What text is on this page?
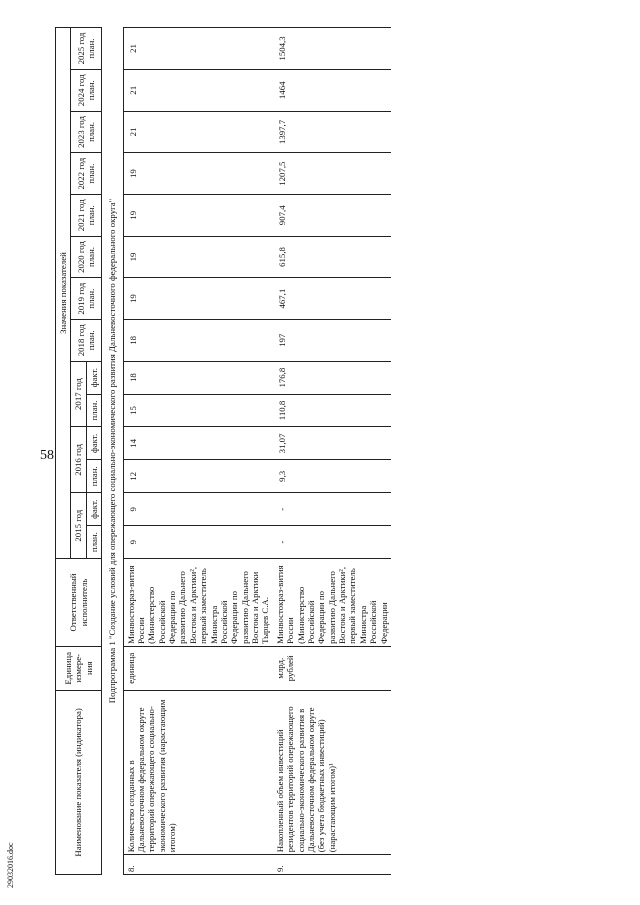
58
29032016.doc
Наименование показателя (индикатора)		Единица измере-ния	Ответственный исполнитель	Значения показателей													
				2015 год		2016 год		2017 год		2018 год план.	2019 год план.	2020 год план.	2021 год план.	2022 год план.	2023 год план.	2024 год план.	2025 год план.
				план.	факт.	план.	факт.	план.	факт.								
Подпрограмма 1 "Создание условий для опережающего социально-экономического развития Дальневосточного федерального округа"																	
8.	Количество созданных в Дальневосточном федеральном округе территорий опережающего социально-экономического развития (нарастающим итогом)	единица	Минвостокраз-вития России (Министерство Российской Федерации по развитию Дальнего Востока и Арктики², первый заместитель Министра Российской Федерации по развитию Дальнего Востока и Арктики Тырцев С.А.	9	9	12	14	15	18	18	19	19	19	19	21	21	21
9.	Накопленный объем инвестиций резидентов территорий опережающего социально-экономического развития в Дальневосточном федеральном округе (без учета бюджетных инвестиций) (нарастающим итогом)¹	млрд. рублей	Минвостокраз-вития России (Министерство Российской Федерации по развитию Дальнего Востока и Арктики², первый заместитель Министра Российской Федерации	-	-	9,3	31,07	110,8	176,8	197	467,1	615,8	907,4	1207,5	1397,7	1464	1504,3
